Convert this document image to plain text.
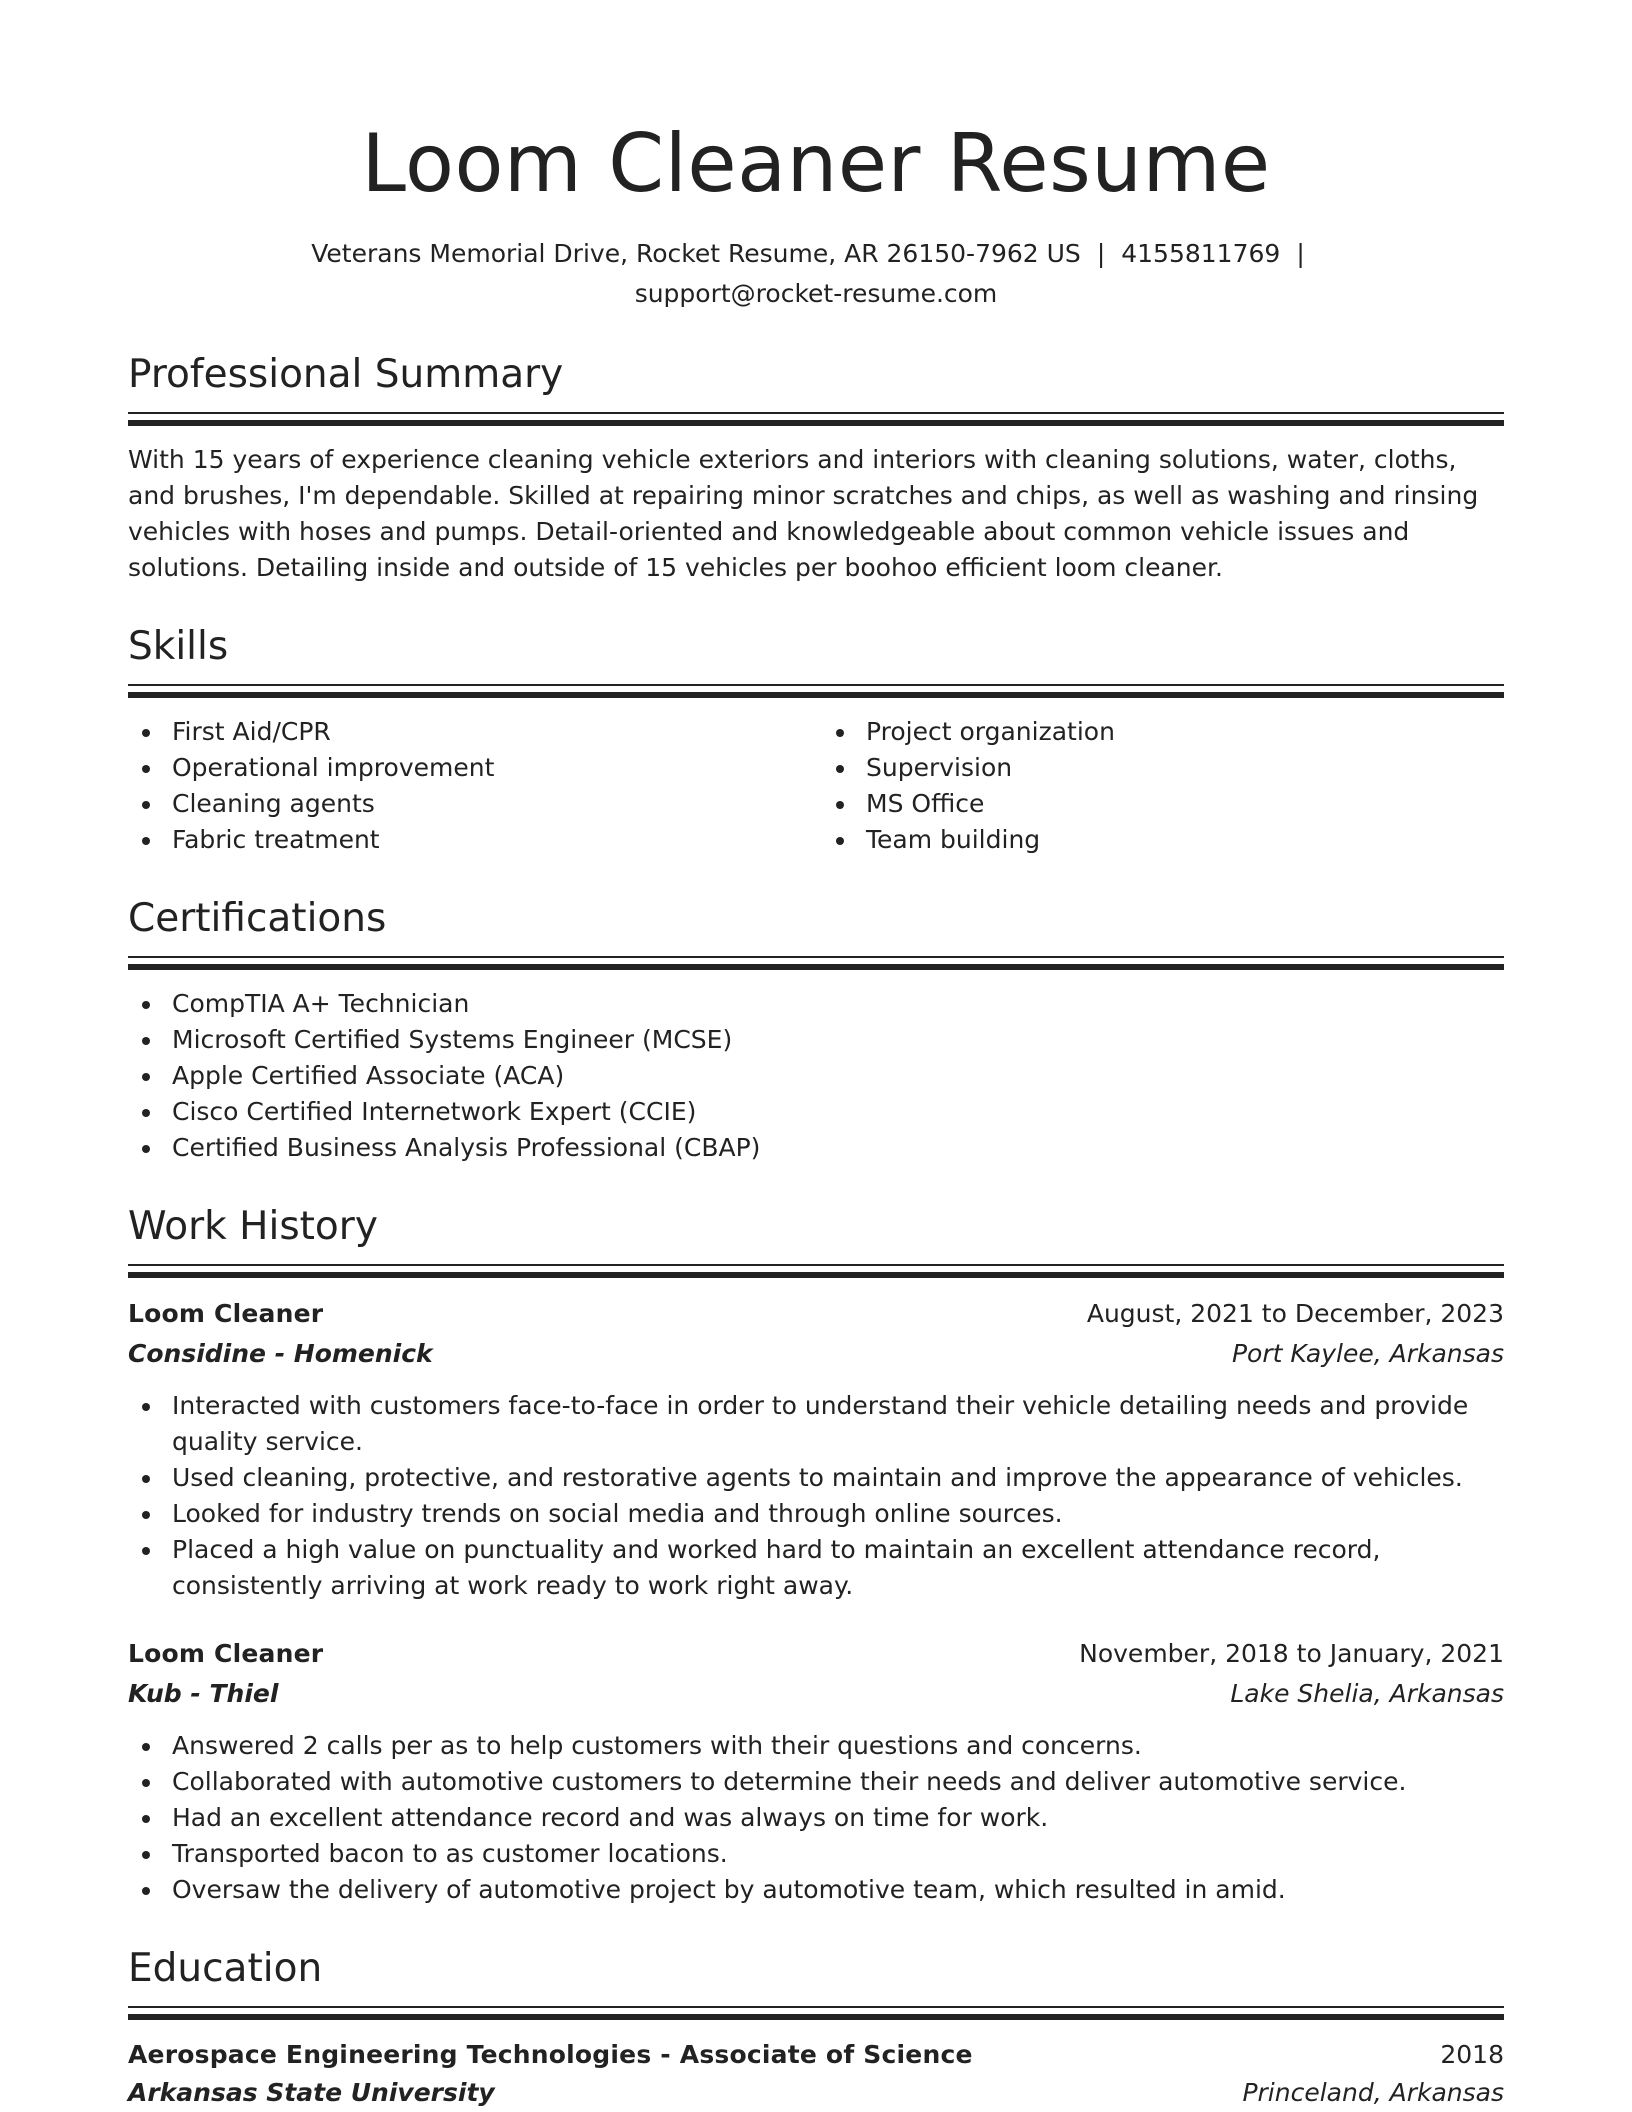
Loom Cleaner Resume
Veterans Memorial Drive, Rocket Resume, AR 26150-7962 US | 4155811769 |
support@rocket-resume.com
Professional Summary

With 15 years of experience cleaning vehicle exteriors and interiors with cleaning solutions, water, cloths, and brushes, I'm dependable. Skilled at repairing minor scratches and chips, as well as washing and rinsing vehicles with hoses and pumps. Detail-oriented and knowledgeable about common vehicle issues and solutions. Detailing inside and outside of 15 vehicles per boohoo efficient loom cleaner.

Skills
First Aid/CPR
Operational improvement
Cleaning agents
Fabric treatment
Project organization
Supervision
MS Office
Team building
Certifications
CompTIA A+ Technician
Microsoft Certified Systems Engineer (MCSE)
Apple Certified Associate (ACA)
Cisco Certified Internetwork Expert (CCIE)
Certified Business Analysis Professional (CBAP)
Work History
Loom Cleaner	August, 2021 to December, 2023
Considine - Homenick	Port Kaylee, Arkansas
Interacted with customers face-to-face in order to understand their vehicle detailing needs and provide quality service.
Used cleaning, protective, and restorative agents to maintain and improve the appearance of vehicles.
Looked for industry trends on social media and through online sources.
Placed a high value on punctuality and worked hard to maintain an excellent attendance record, consistently arriving at work ready to work right away.
Loom Cleaner	November, 2018 to January, 2021
Kub - Thiel	Lake Shelia, Arkansas
Answered 2 calls per as to help customers with their questions and concerns.
Collaborated with automotive customers to determine their needs and deliver automotive service.
Had an excellent attendance record and was always on time for work.
Transported bacon to as customer locations.
Oversaw the delivery of automotive project by automotive team, which resulted in amid.
Education
Aerospace Engineering Technologies - Associate of Science	2018
Arkansas State University	Princeland, Arkansas
